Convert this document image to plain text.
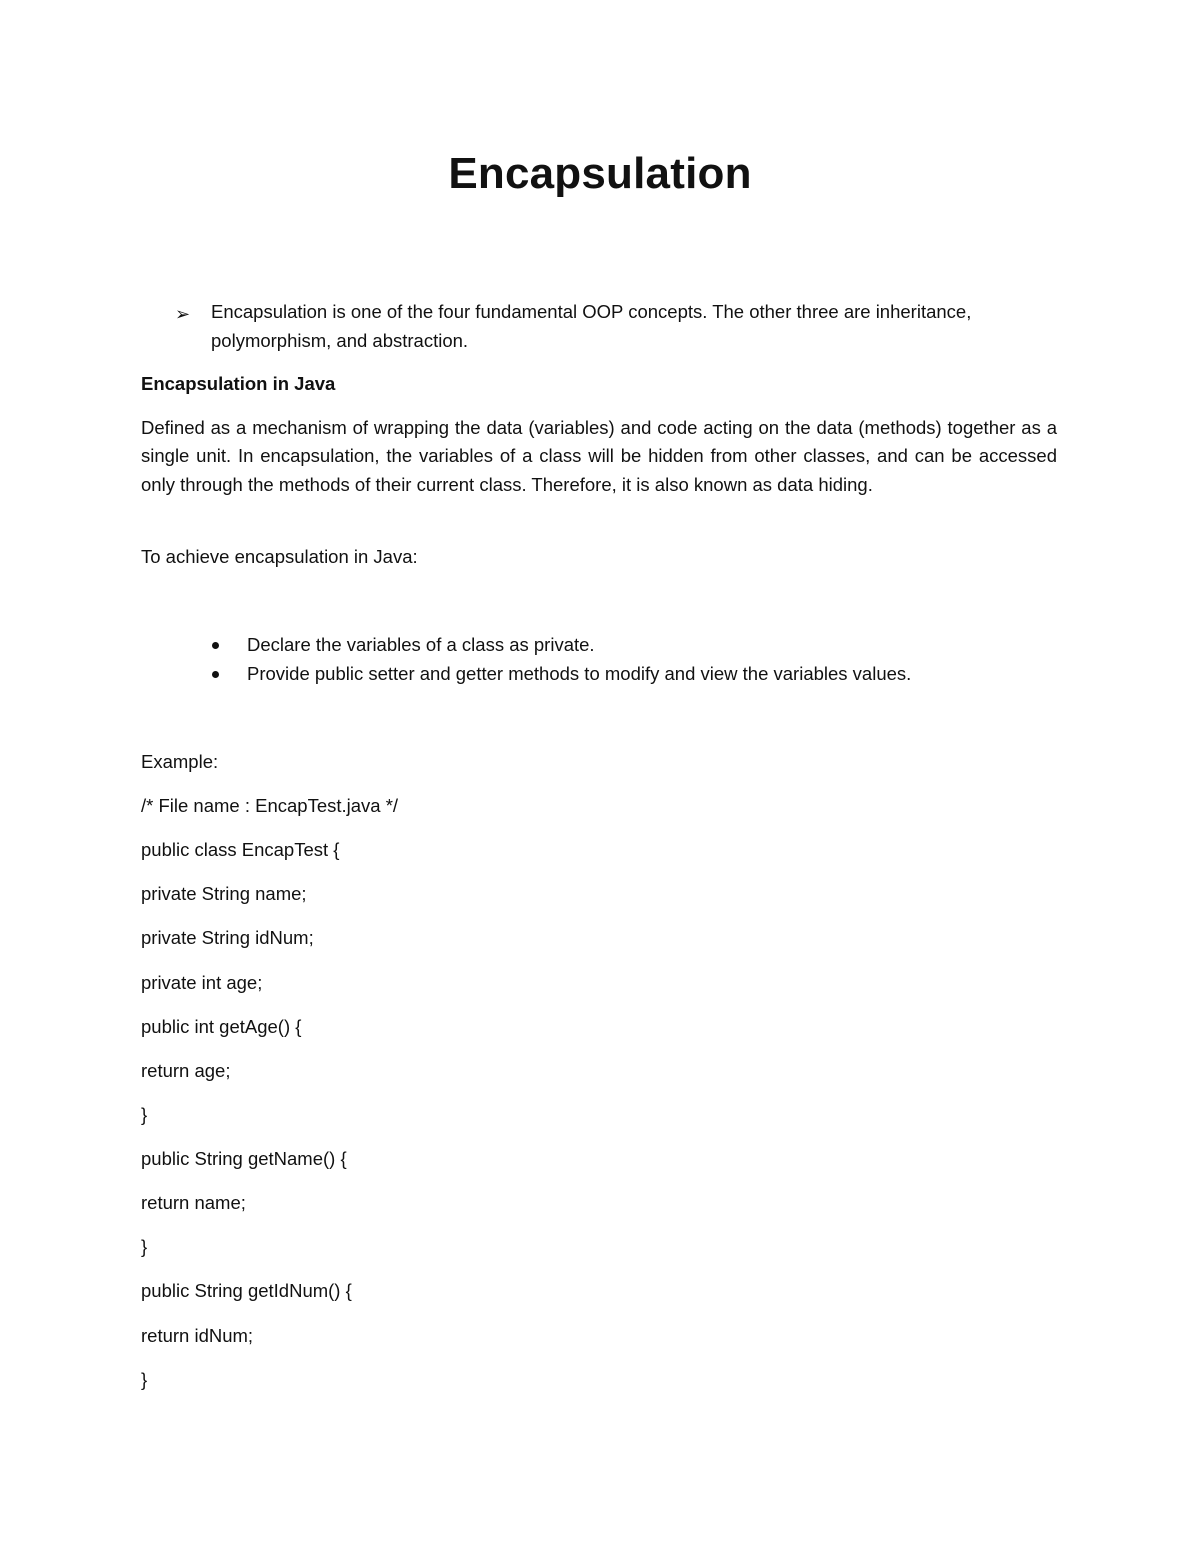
Encapsulation
➢ Encapsulation is one of the four fundamental OOP concepts. The other three are inheritance, polymorphism, and abstraction.
Encapsulation in Java
Defined as a mechanism of wrapping the data (variables) and code acting on the data (methods) together as a single unit. In encapsulation, the variables of a class will be hidden from other classes, and can be accessed only through the methods of their current class. Therefore, it is also known as data hiding.
To achieve encapsulation in Java:
Declare the variables of a class as private.
Provide public setter and getter methods to modify and view the variables values.
Example:
/* File name : EncapTest.java */
public class EncapTest {
private String name;
private String idNum;
private int age;
public int getAge() {
return age;
}
public String getName() {
return name;
}
public String getIdNum() {
return idNum;
}
